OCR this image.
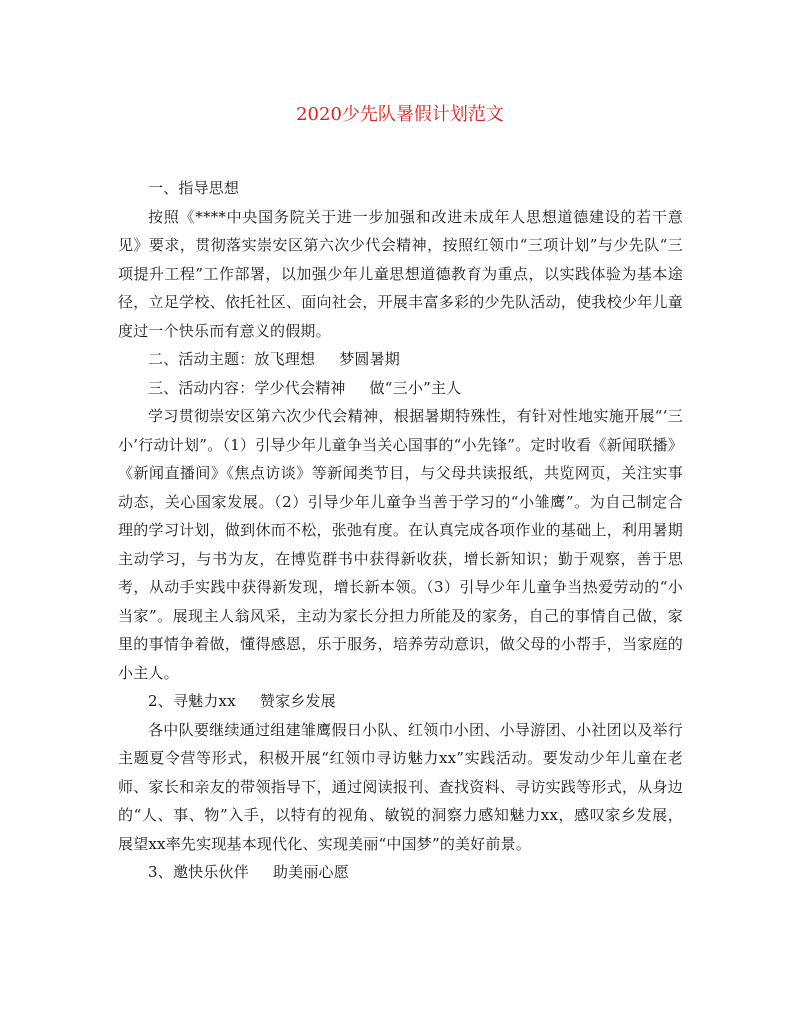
2020少先队暑假计划范文

一、指导思想

按照《****中央国务院关于进一步加强和改进未成年人思想道德建设的若干意见》要求，贯彻落实崇安区第六次少代会精神，按照红领巾“三项计划”与少先队“三项提升工程”工作部署，以加强少年儿童思想道德教育为重点，以实践体验为基本途径，立足学校、依托社区、面向社会，开展丰富多彩的少先队活动，使我校少年儿童度过一个快乐而有意义的假期。

二、活动主题：放飞理想 梦圆暑期

三、活动内容：学少代会精神 做“三小”主人

学习贯彻崇安区第六次少代会精神，根据暑期特殊性，有针对性地实施开展“‘三小’行动计划”。（1）引导少年儿童争当关心国事的“小先锋”。定时收看《新闻联播》《新闻直播间》《焦点访谈》等新闻类节目，与父母共读报纸，共览网页，关注实事动态，关心国家发展。（2）引导少年儿童争当善于学习的“小雏鹰”。为自己制定合理的学习计划，做到休而不松，张弛有度。在认真完成各项作业的基础上，利用暑期主动学习，与书为友，在博览群书中获得新收获，增长新知识；勤于观察，善于思考，从动手实践中获得新发现，增长新本领。（3）引导少年儿童争当热爱劳动的“小当家”。展现主人翁风采，主动为家长分担力所能及的家务，自己的事情自己做，家里的事情争着做，懂得感恩，乐于服务，培养劳动意识，做父母的小帮手，当家庭的小主人。

2、寻魅力xx 赞家乡发展

各中队要继续通过组建雏鹰假日小队、红领巾小团、小导游团、小社团以及举行主题夏令营等形式，积极开展“红领巾寻访魅力xx”实践活动。要发动少年儿童在老师、家长和亲友的带领指导下，通过阅读报刊、查找资料、寻访实践等形式，从身边的“人、事、物”入手，以特有的视角、敏锐的洞察力感知魅力xx，感叹家乡发展，展望xx率先实现基本现代化、实现美丽“中国梦”的美好前景。

3、邀快乐伙伴 助美丽心愿
